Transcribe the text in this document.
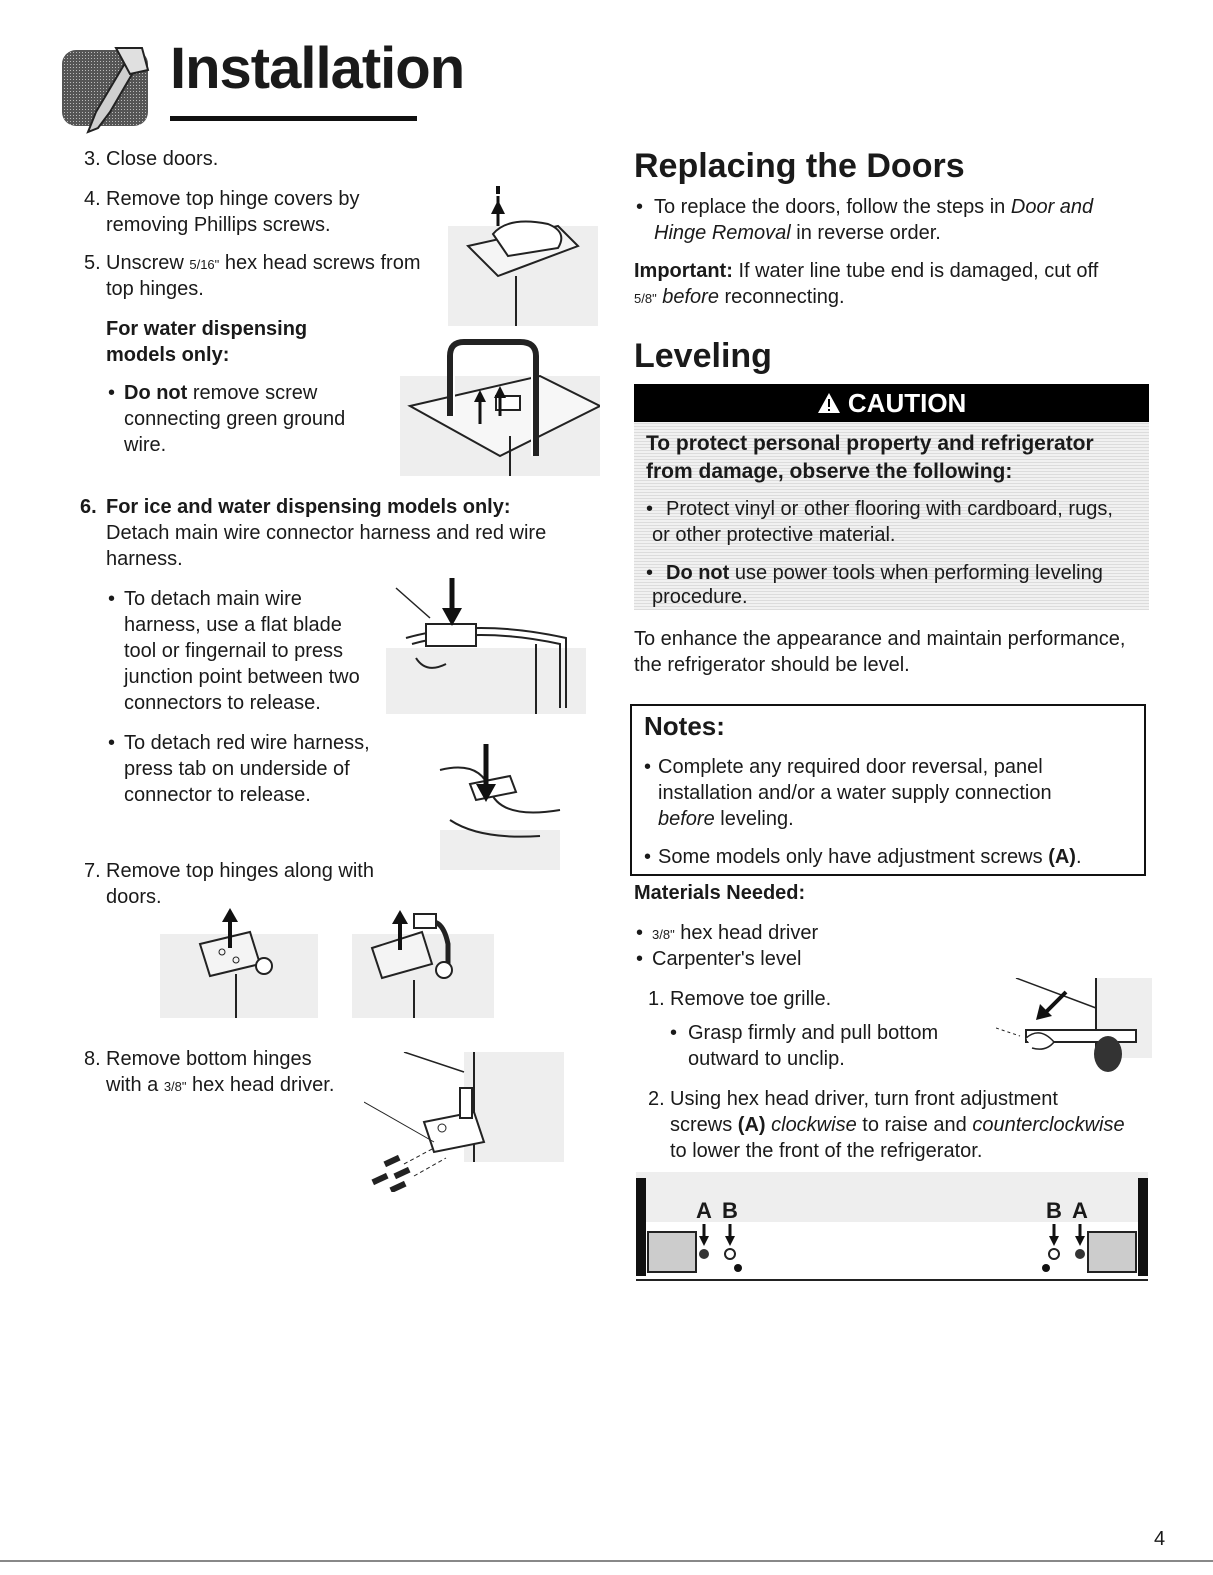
Installation
3. Close doors.
4. Remove top hinge covers by
removing Phillips screws.
5. Unscrew 5/16" hex head screws from
top hinges.
For water dispensing
models only:
• Do not remove screw
connecting green ground
wire.
6. For ice and water dispensing models only:
Detach main wire connector harness and red wire
harness.
• To detach main wire
harness, use a flat blade
tool or fingernail to press
junction point between two
connectors to release.
• To detach red wire harness,
press tab on underside of
connector to release.
7. Remove top hinges along with
doors.
8. Remove bottom hinges
with a 3/8" hex head driver.
Replacing the Doors
• To replace the doors, follow the steps in Door and
Hinge Removal in reverse order.
Important: If water line tube end is damaged, cut off
5/8" before reconnecting.
Leveling
CAUTION
To protect personal property and refrigerator
from damage, observe the following:
• Protect vinyl or other flooring with cardboard, rugs,
or other protective material.
• Do not use power tools when performing leveling
procedure.
To enhance the appearance and maintain performance,
the refrigerator should be level.
Notes:
• Complete any required door reversal, panel
installation and/or a water supply connection
before leveling.
• Some models only have adjustment screws (A).
Materials Needed:
• 3/8" hex head driver
• Carpenter's level
1. Remove toe grille.
• Grasp firmly and pull bottom
outward to unclip.
2. Using hex head driver, turn front adjustment
screws (A) clockwise to raise and counterclockwise
to lower the front of the refrigerator.
A B	B A
4
